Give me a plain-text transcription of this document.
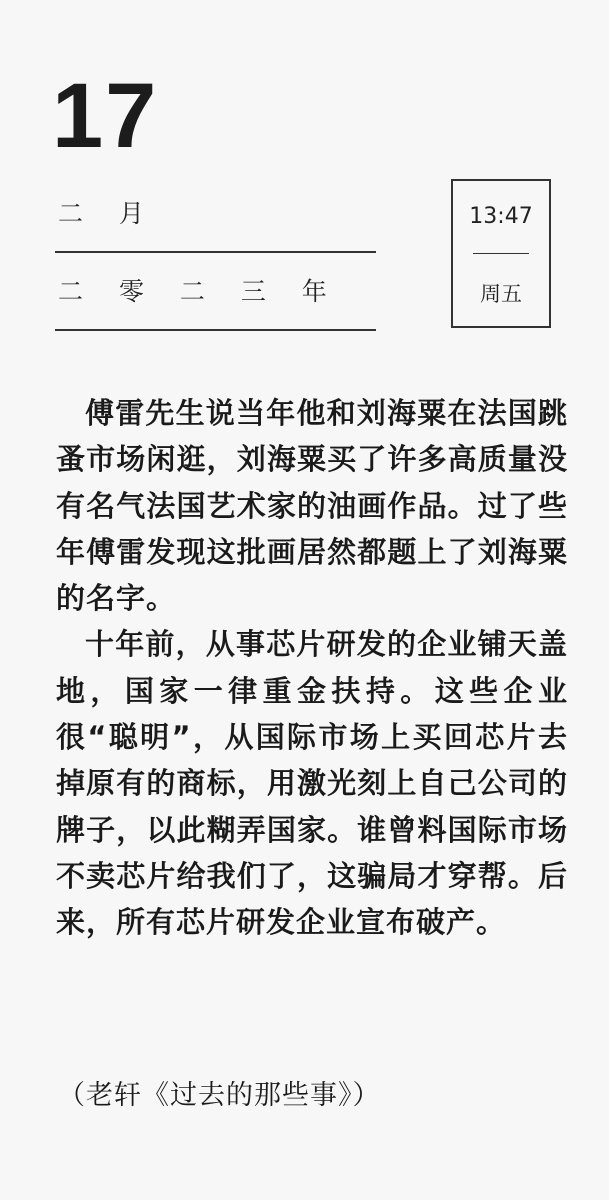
17
二 月
二 零 二 三 年
13:47
周五

傅雷先生说当年他和刘海粟在法国跳蚤市场闲逛，刘海粟买了许多高质量没有名气法国艺术家的油画作品。过了些年傅雷发现这批画居然都题上了刘海粟的名字。

十年前，从事芯片研发的企业铺天盖地，国家一律重金扶持。这些企业很“聪明”，从国际市场上买回芯片去掉原有的商标，用激光刻上自己公司的牌子，以此糊弄国家。谁曾料国际市场不卖芯片给我们了，这骗局才穿帮。后来，所有芯片研发企业宣布破产。

（老轩《过去的那些事》）
